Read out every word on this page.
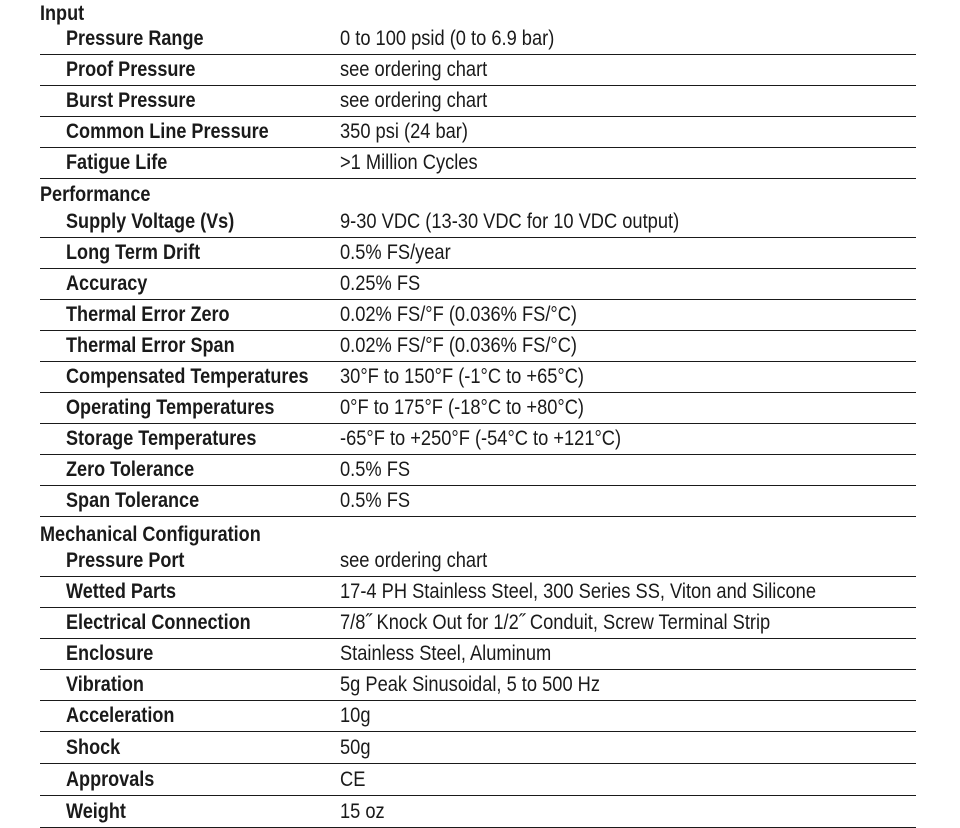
Input
Pressure Range	0 to 100 psid (0 to 6.9 bar)
Proof Pressure	see ordering chart
Burst Pressure	see ordering chart
Common Line Pressure	350 psi (24 bar)
Fatigue Life	>1 Million Cycles
Performance
Supply Voltage (Vs)	9-30 VDC (13-30 VDC for 10 VDC output)
Long Term Drift	0.5% FS/year
Accuracy	0.25% FS
Thermal Error Zero	0.02% FS/°F (0.036% FS/°C)
Thermal Error Span	0.02% FS/°F (0.036% FS/°C)
Compensated Temperatures 30°F to 150°F (-1°C to +65°C)
Operating Temperatures	0°F to 175°F (-18°C to +80°C)
Storage Temperatures	-65°F to +250°F (-54°C to +121°C)
Zero Tolerance	0.5% FS
Span Tolerance	0.5% FS
Mechanical Configuration
Pressure Port	see ordering chart
Wetted Parts	17-4 PH Stainless Steel, 300 Series SS, Viton and Silicone
Electrical Connection	7/8˝ Knock Out for 1/2˝ Conduit, Screw Terminal Strip
Enclosure	Stainless Steel, Aluminum
Vibration	5g Peak Sinusoidal, 5 to 500 Hz
Acceleration	10g
Shock	50g
Approvals	CE
Weight	15 oz
